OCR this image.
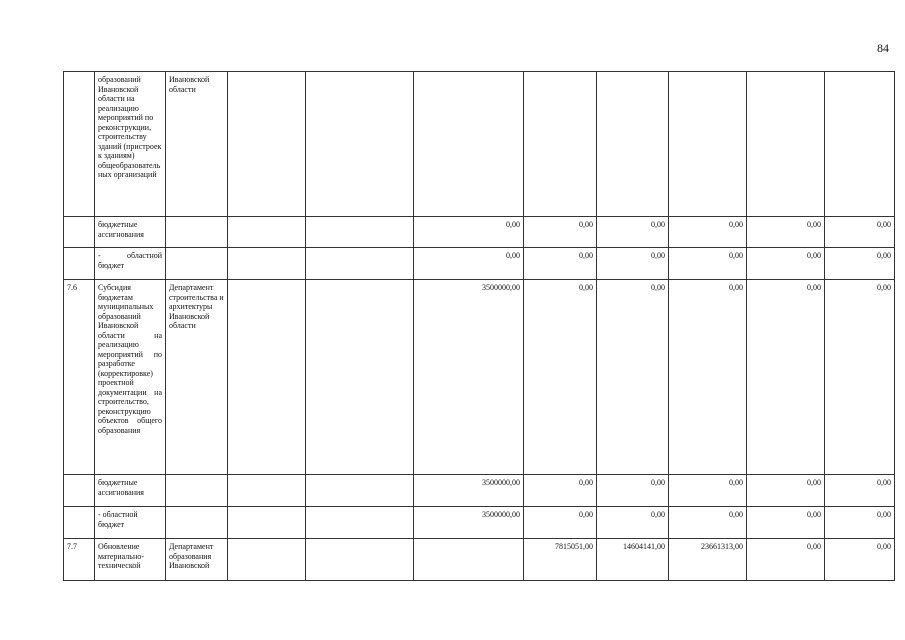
84

	образований Ивановской области на реализацию мероприятий по реконструкции, строительству зданий (пристроек к зданиям) общеобразовательных организаций	Ивановской области								

	бюджетные ассигнования				0,00	0,00	0,00	0,00	0,00	0,00

	- областной бюджет				0,00	0,00	0,00	0,00	0,00	0,00
7.6	Субсидия бюджетам муниципальных образований Ивановской области на реализацию мероприятий по разработке (корректировке) проектной документации на строительство, реконструкцию объектов общего образования	Департамент строительства и архитектуры Ивановской области			3500000,00	0,00	0,00	0,00	0,00	0,00

	бюджетные ассигнования				3500000,00	0,00	0,00	0,00	0,00	0,00

	- областной бюджет				3500000,00	0,00	0,00	0,00	0,00	0,00
7.7	Обновление материально-технической	Департамент образования Ивановской				7815051,00	14604141,00	23661313,00	0,00	0,00
